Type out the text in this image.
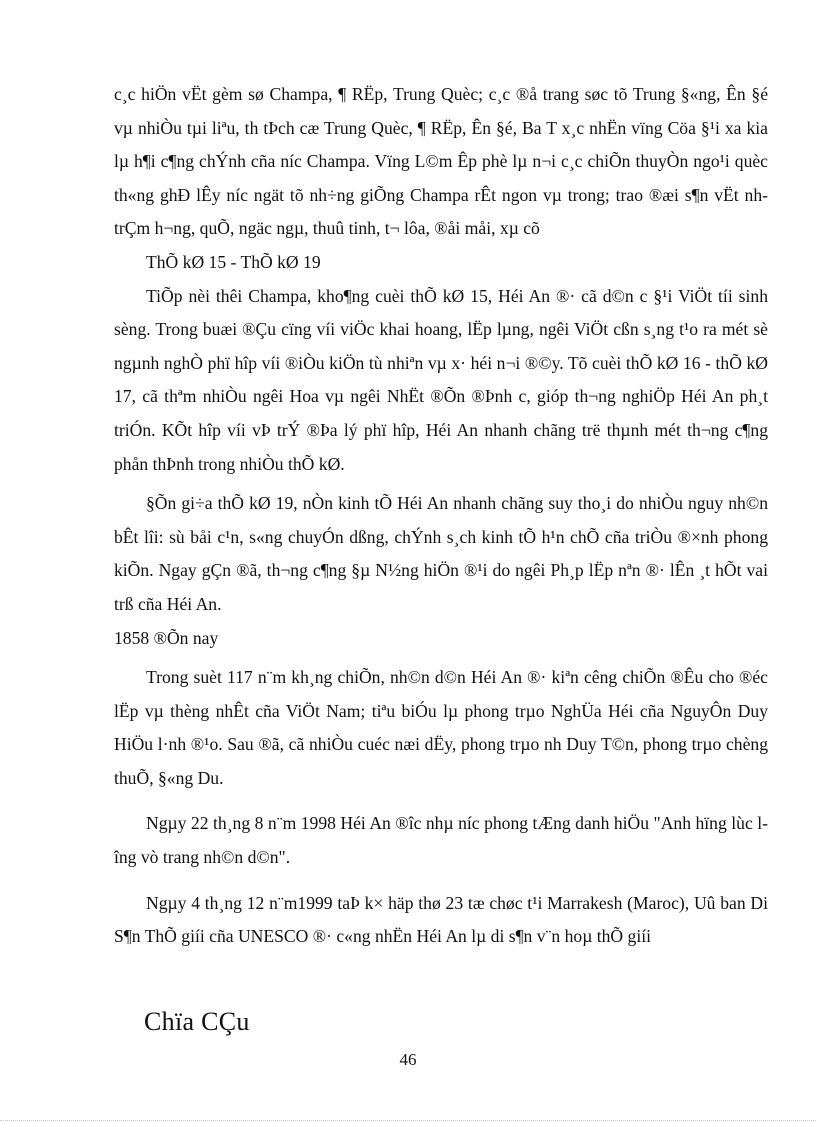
c¸c hiÖn vËt gèm sø Champa, ¶ RËp, Trung Quèc; c¸c ®å trang søc tõ Trung §«ng, Ên §é vµ nhiÒu tµi liªu, th tÞch cæ Trung Quèc, ¶ RËp, Ên §é, Ba T x¸c nhËn vïng Cöa §¹i xa kia lµ h¶i c¶ng chÝnh cña níc Champa. Vïng L©m Êp phè lµ n¬i c¸c chiÕn thuyÒn ngo¹i quèc th«ng ghÐ lÊy níc ngät tõ nh÷ng giÕng Champa rÊt ngon vµ trong; trao ®æi s¶n vËt nh trÇm h¬ng, quÕ, ngäc ngµ, thuû tinh, t¬ lôa, ®åi måi, xµ cõ

ThÕ kØ 15 - ThÕ kØ 19

TiÕp nèi thêi Champa, kho¶ng cuèi thÕ kØ 15, Héi An ®· cã d©n c §¹i ViÖt tíi sinh sèng. Trong buæi ®Çu cïng víi viÖc khai hoang, lËp lµng, ngêi ViÖt cßn s¸ng t¹o ra mét sè ngµnh nghÒ phï hîp víi ®iÒu kiÖn tù nhiªn vµ x· héi n¬i ®©y. Tõ cuèi thÕ kØ 16 - thÕ kØ 17, cã thªm nhiÒu ngêi Hoa vµ ngêi NhËt ®Õn ®Þnh c, gióp th¬ng nghiÖp Héi An ph¸t triÓn. KÕt hîp víi vÞ trÝ ®Þa lý phï hîp, Héi An nhanh chãng trë thµnh mét th¬ng c¶ng phån thÞnh trong nhiÒu thÕ kØ.

§Õn gi÷a thÕ kØ 19, nÒn kinh tÕ Héi An nhanh chãng suy tho¸i do nhiÒu nguy nh©n bÊt lîi: sù båi c¹n, s«ng chuyÓn dßng, chÝnh s¸ch kinh tÕ h¹n chÕ cña triÒu ®×nh phong kiÕn. Ngay gÇn ®ã, th¬ng c¶ng §µ N½ng hiÖn ®¹i do ngêi Ph¸p lËp nªn ®· lÊn ¸t hÕt vai trß cña Héi An.

1858 ®Õn nay

Trong suèt 117 n¨m kh¸ng chiÕn, nh©n d©n Héi An ®· kiªn cêng chiÕn ®Êu cho ®éc lËp vµ thèng nhÊt cña ViÖt Nam; tiªu biÓu lµ phong trµo NghÜa Héi cña NguyÔn Duy HiÖu l·nh ®¹o. Sau ®ã, cã nhiÒu cuéc næi dËy, phong trµo nh Duy T©n, phong trµo chèng thuÕ, §«ng Du.

Ngµy 22 th¸ng 8 n¨m 1998 Héi An ®îc nhµ níc phong tÆng danh hiÖu "Anh hïng lùc lîng vò trang nh©n d©n".

Ngµy 4 th¸ng 12 n¨m1999 taÞ k× häp thø 23 tæ chøc t¹i Marrakesh (Maroc), Uû ban Di S¶n ThÕ giíi cña UNESCO ®· c«ng nhËn Héi An lµ di s¶n v¨n hoµ thÕ giíi

Chïa CÇu
46
